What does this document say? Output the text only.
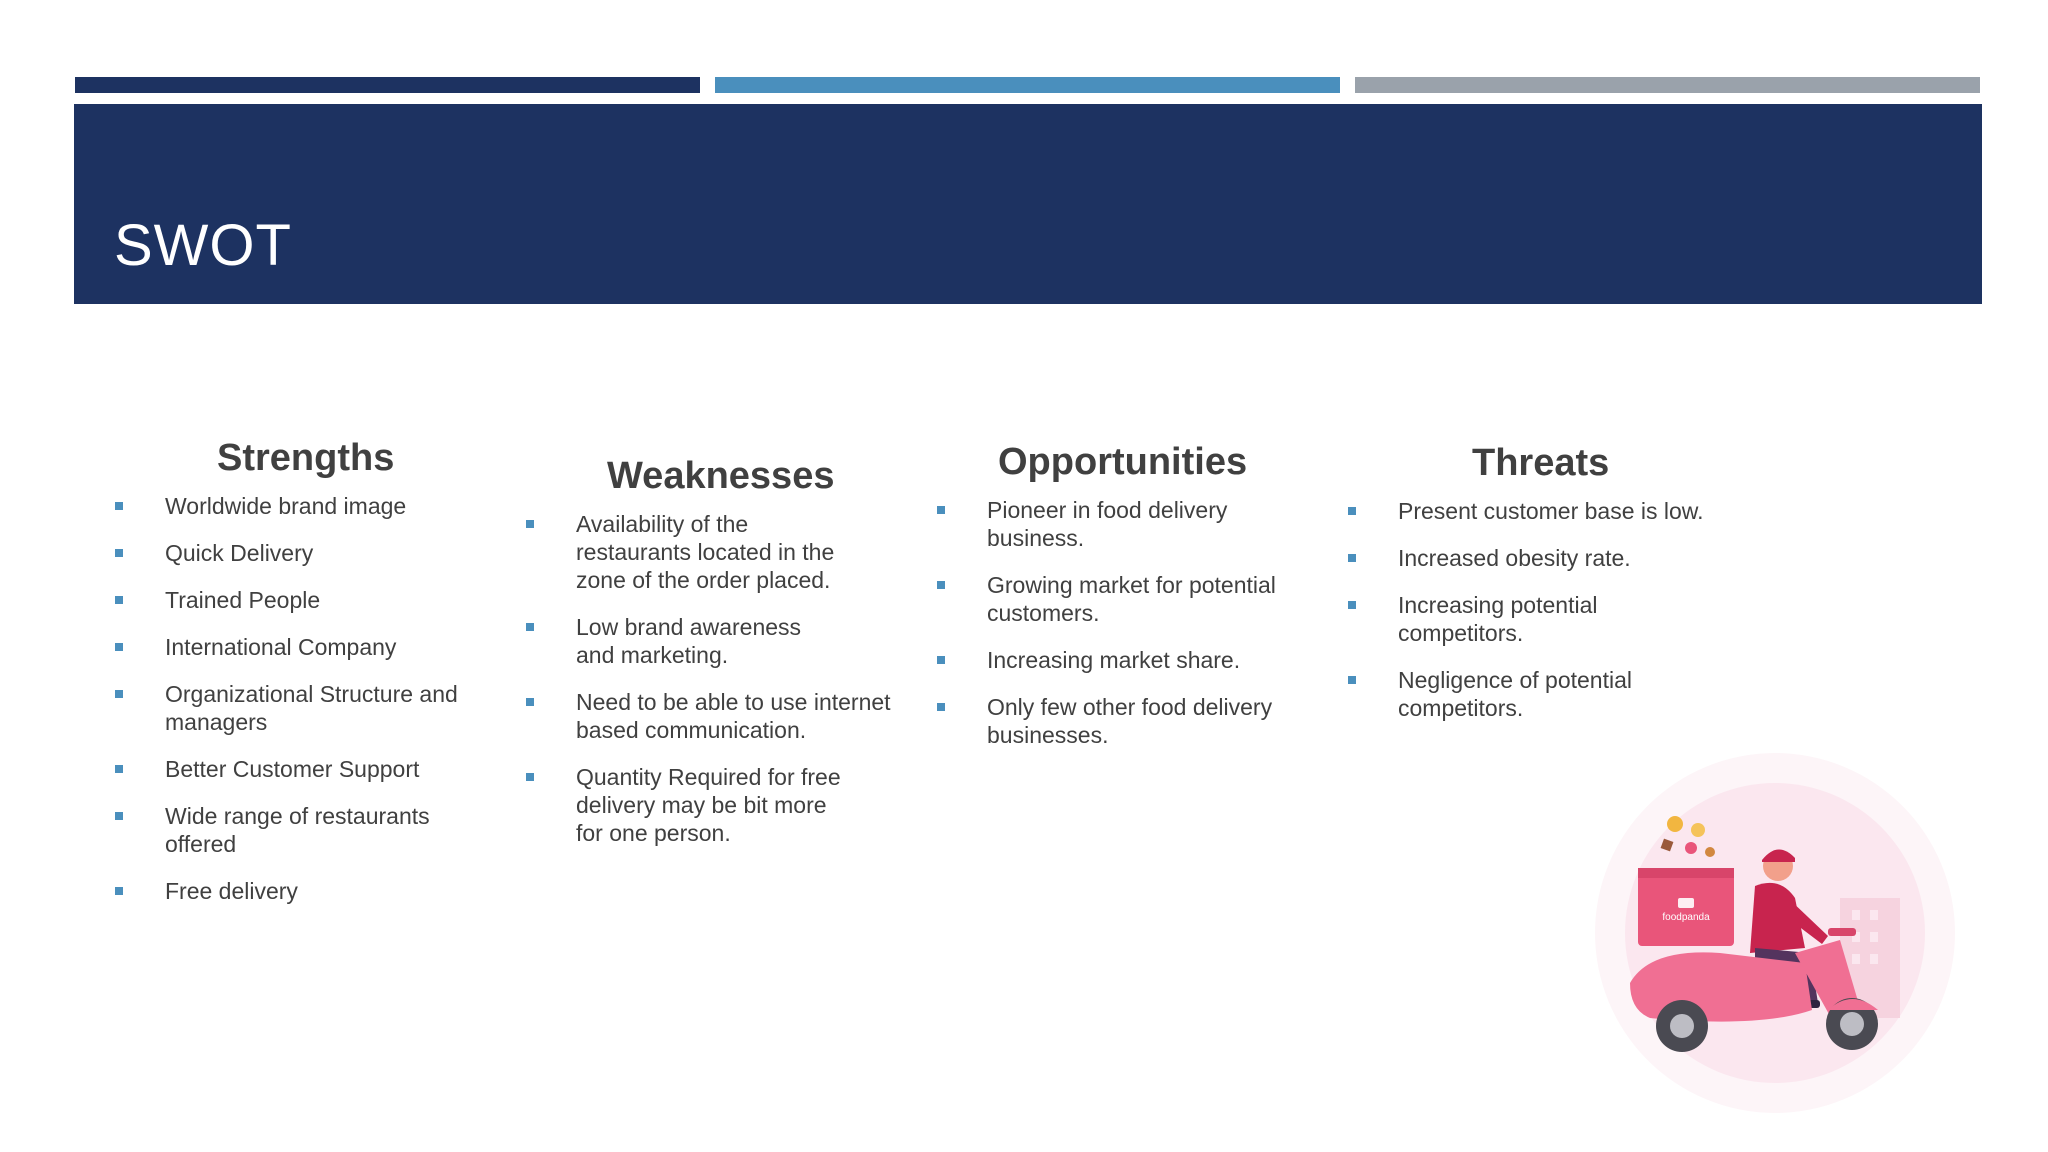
SWOT
Strengths
Worldwide brand image
Quick Delivery
Trained People
International Company
Organizational Structure and managers
Better Customer Support
Wide range of restaurants offered
Free delivery
Weaknesses
Availability of the restaurants located in the zone of the order placed.
Low brand awareness and marketing.
Need to be able to use internet based communication.
Quantity Required for free delivery may be bit more for one person.
Opportunities
Pioneer in food delivery business.
Growing market for potential customers.
Increasing market share.
Only few other food delivery businesses.
Threats
Present customer base is low.
Increased obesity rate.
Increasing potential competitors.
Negligence of potential competitors.
foodpanda
